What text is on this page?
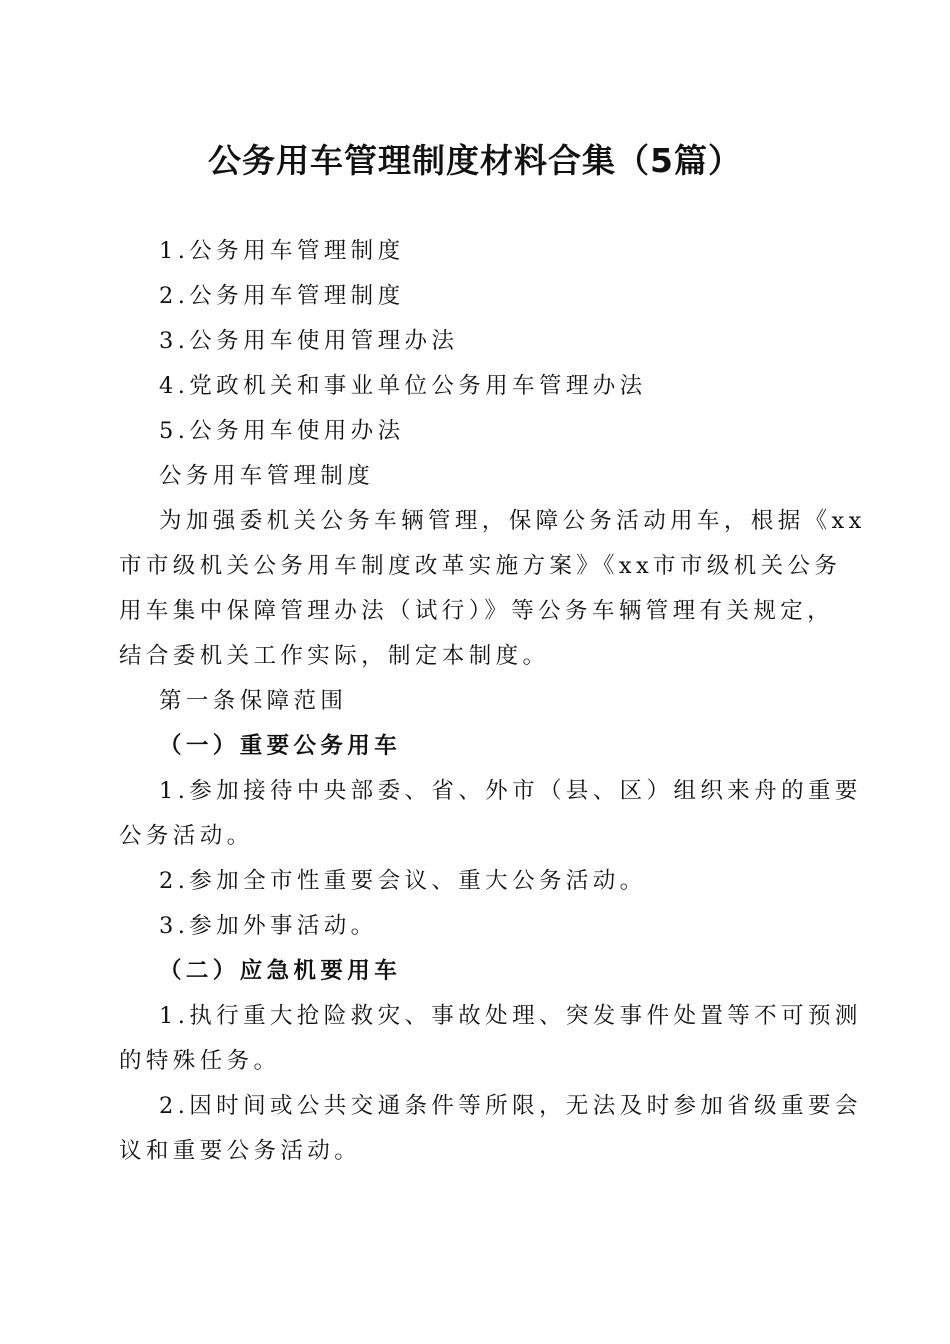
公务用车管理制度材料合集（5篇）

1.公务用车管理制度

2.公务用车管理制度

3.公务用车使用管理办法

4.党政机关和事业单位公务用车管理办法

5.公务用车使用办法

公务用车管理制度

为加强委机关公务车辆管理，保障公务活动用车，根据《xx

市市级机关公务用车制度改革实施方案》《xx市市级机关公务

用车集中保障管理办法（试行）》等公务车辆管理有关规定，

结合委机关工作实际，制定本制度。

第一条保障范围

（一）重要公务用车

1.参加接待中央部委、省、外市（县、区）组织来舟的重要

公务活动。

2.参加全市性重要会议、重大公务活动。

3.参加外事活动。

（二）应急机要用车

1.执行重大抢险救灾、事故处理、突发事件处置等不可预测

的特殊任务。

2.因时间或公共交通条件等所限，无法及时参加省级重要会

议和重要公务活动。
